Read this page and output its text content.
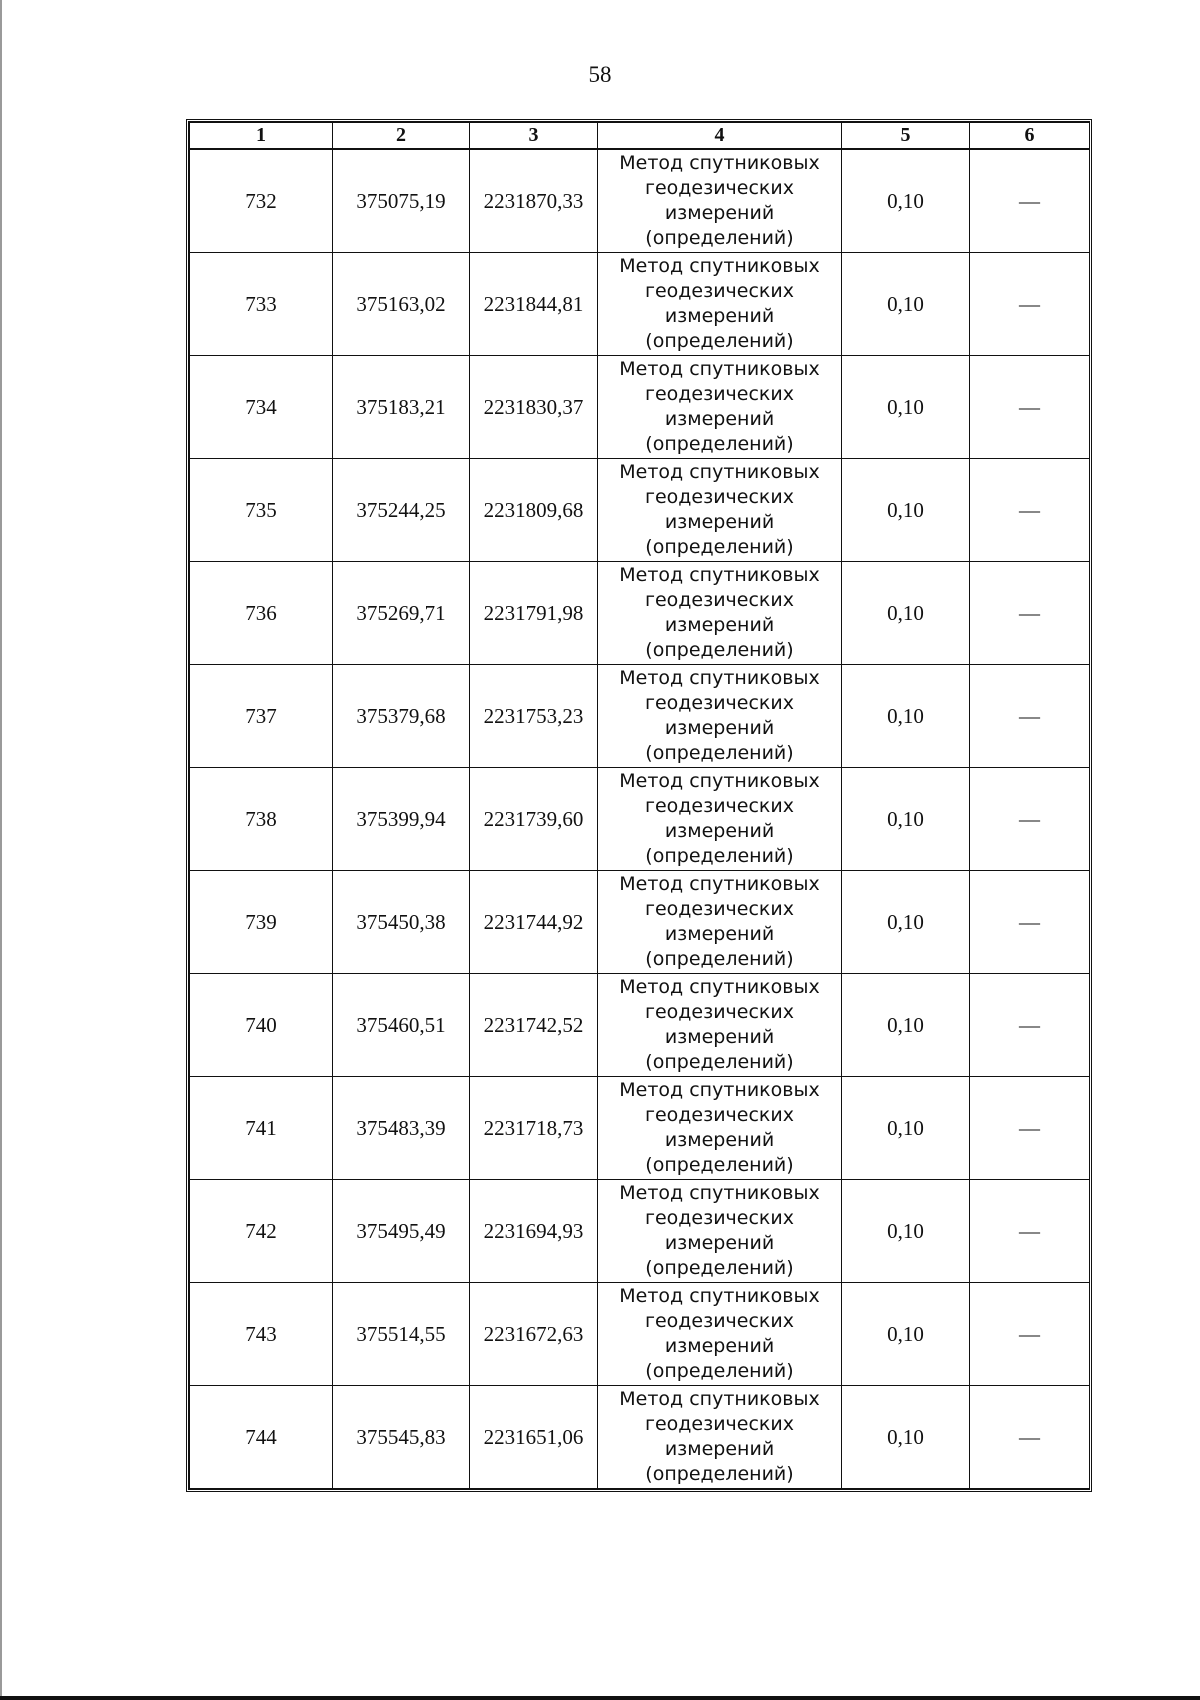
58
1	2	3	4	5	6
732	375075,19	2231870,33	Метод спутниковых
геодезических
измерений
(определений)	0,10	—
733	375163,02	2231844,81	Метод спутниковых
геодезических
измерений
(определений)	0,10	—
734	375183,21	2231830,37	Метод спутниковых
геодезических
измерений
(определений)	0,10	—
735	375244,25	2231809,68	Метод спутниковых
геодезических
измерений
(определений)	0,10	—
736	375269,71	2231791,98	Метод спутниковых
геодезических
измерений
(определений)	0,10	—
737	375379,68	2231753,23	Метод спутниковых
геодезических
измерений
(определений)	0,10	—
738	375399,94	2231739,60	Метод спутниковых
геодезических
измерений
(определений)	0,10	—
739	375450,38	2231744,92	Метод спутниковых
геодезических
измерений
(определений)	0,10	—
740	375460,51	2231742,52	Метод спутниковых
геодезических
измерений
(определений)	0,10	—
741	375483,39	2231718,73	Метод спутниковых
геодезических
измерений
(определений)	0,10	—
742	375495,49	2231694,93	Метод спутниковых
геодезических
измерений
(определений)	0,10	—
743	375514,55	2231672,63	Метод спутниковых
геодезических
измерений
(определений)	0,10	—
744	375545,83	2231651,06	Метод спутниковых
геодезических
измерений
(определений)	0,10	—
